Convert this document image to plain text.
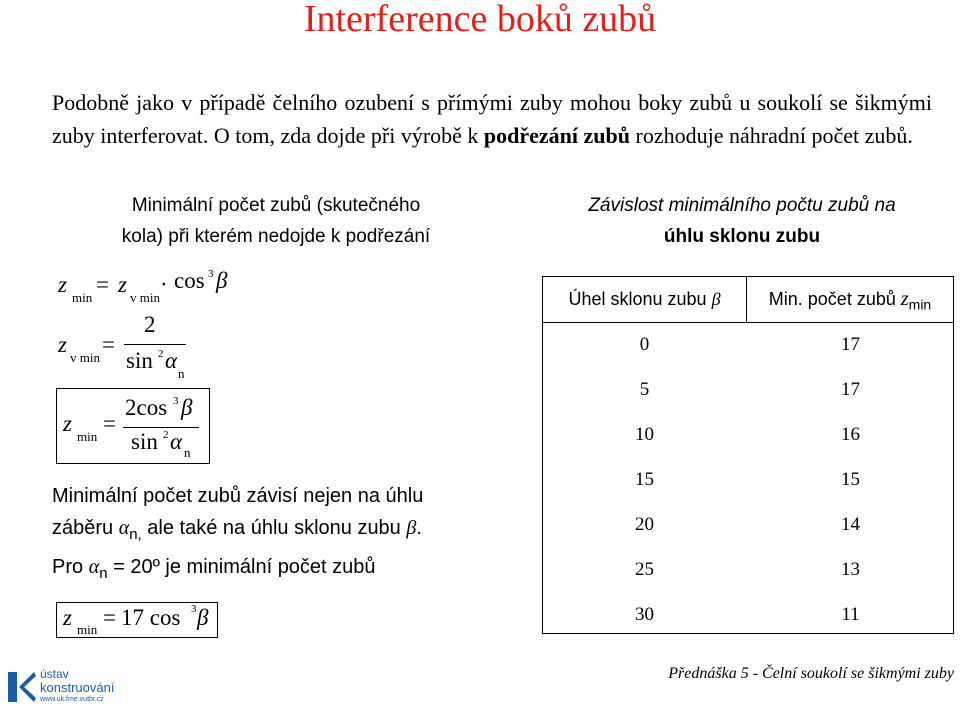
Interference boků zubů
Podobně jako v případě čelního ozubení s přímými zuby mohou boky zubů u soukolí se šikmými zuby interferovat. O tom, zda dojde při výrobě k podřezání zubů rozhoduje náhradní počet zubů.
Minimální počet zubů (skutečného
kola) při kterém nedojde k podřezání
Závislost minimálního počtu zubů na
úhlu sklonu zubu
z
min
= z
v min
· cos 3 β
z
v min
=
2
sin 2 α
n
z
min
=
2cos 3 β
sin 2 α n
Minimální počet zubů závisí nejen na úhlu
záběru $\alpha_{n,}$ ale také na úhlu sklonu zubu β.
Pro $\alpha_n$ = 20º je minimální počet zubů
z min = 17 cos 3 β
Úhel sklonu zubu β	Min. počet zubů $z_{min}$
0	17
5	17
10	16
15	15
20	14
25	13
30	11
ústav
konstruování
www.uk.fme.vutbr.cz
Přednáška 5 - Čelní soukolí se šikmými zuby
